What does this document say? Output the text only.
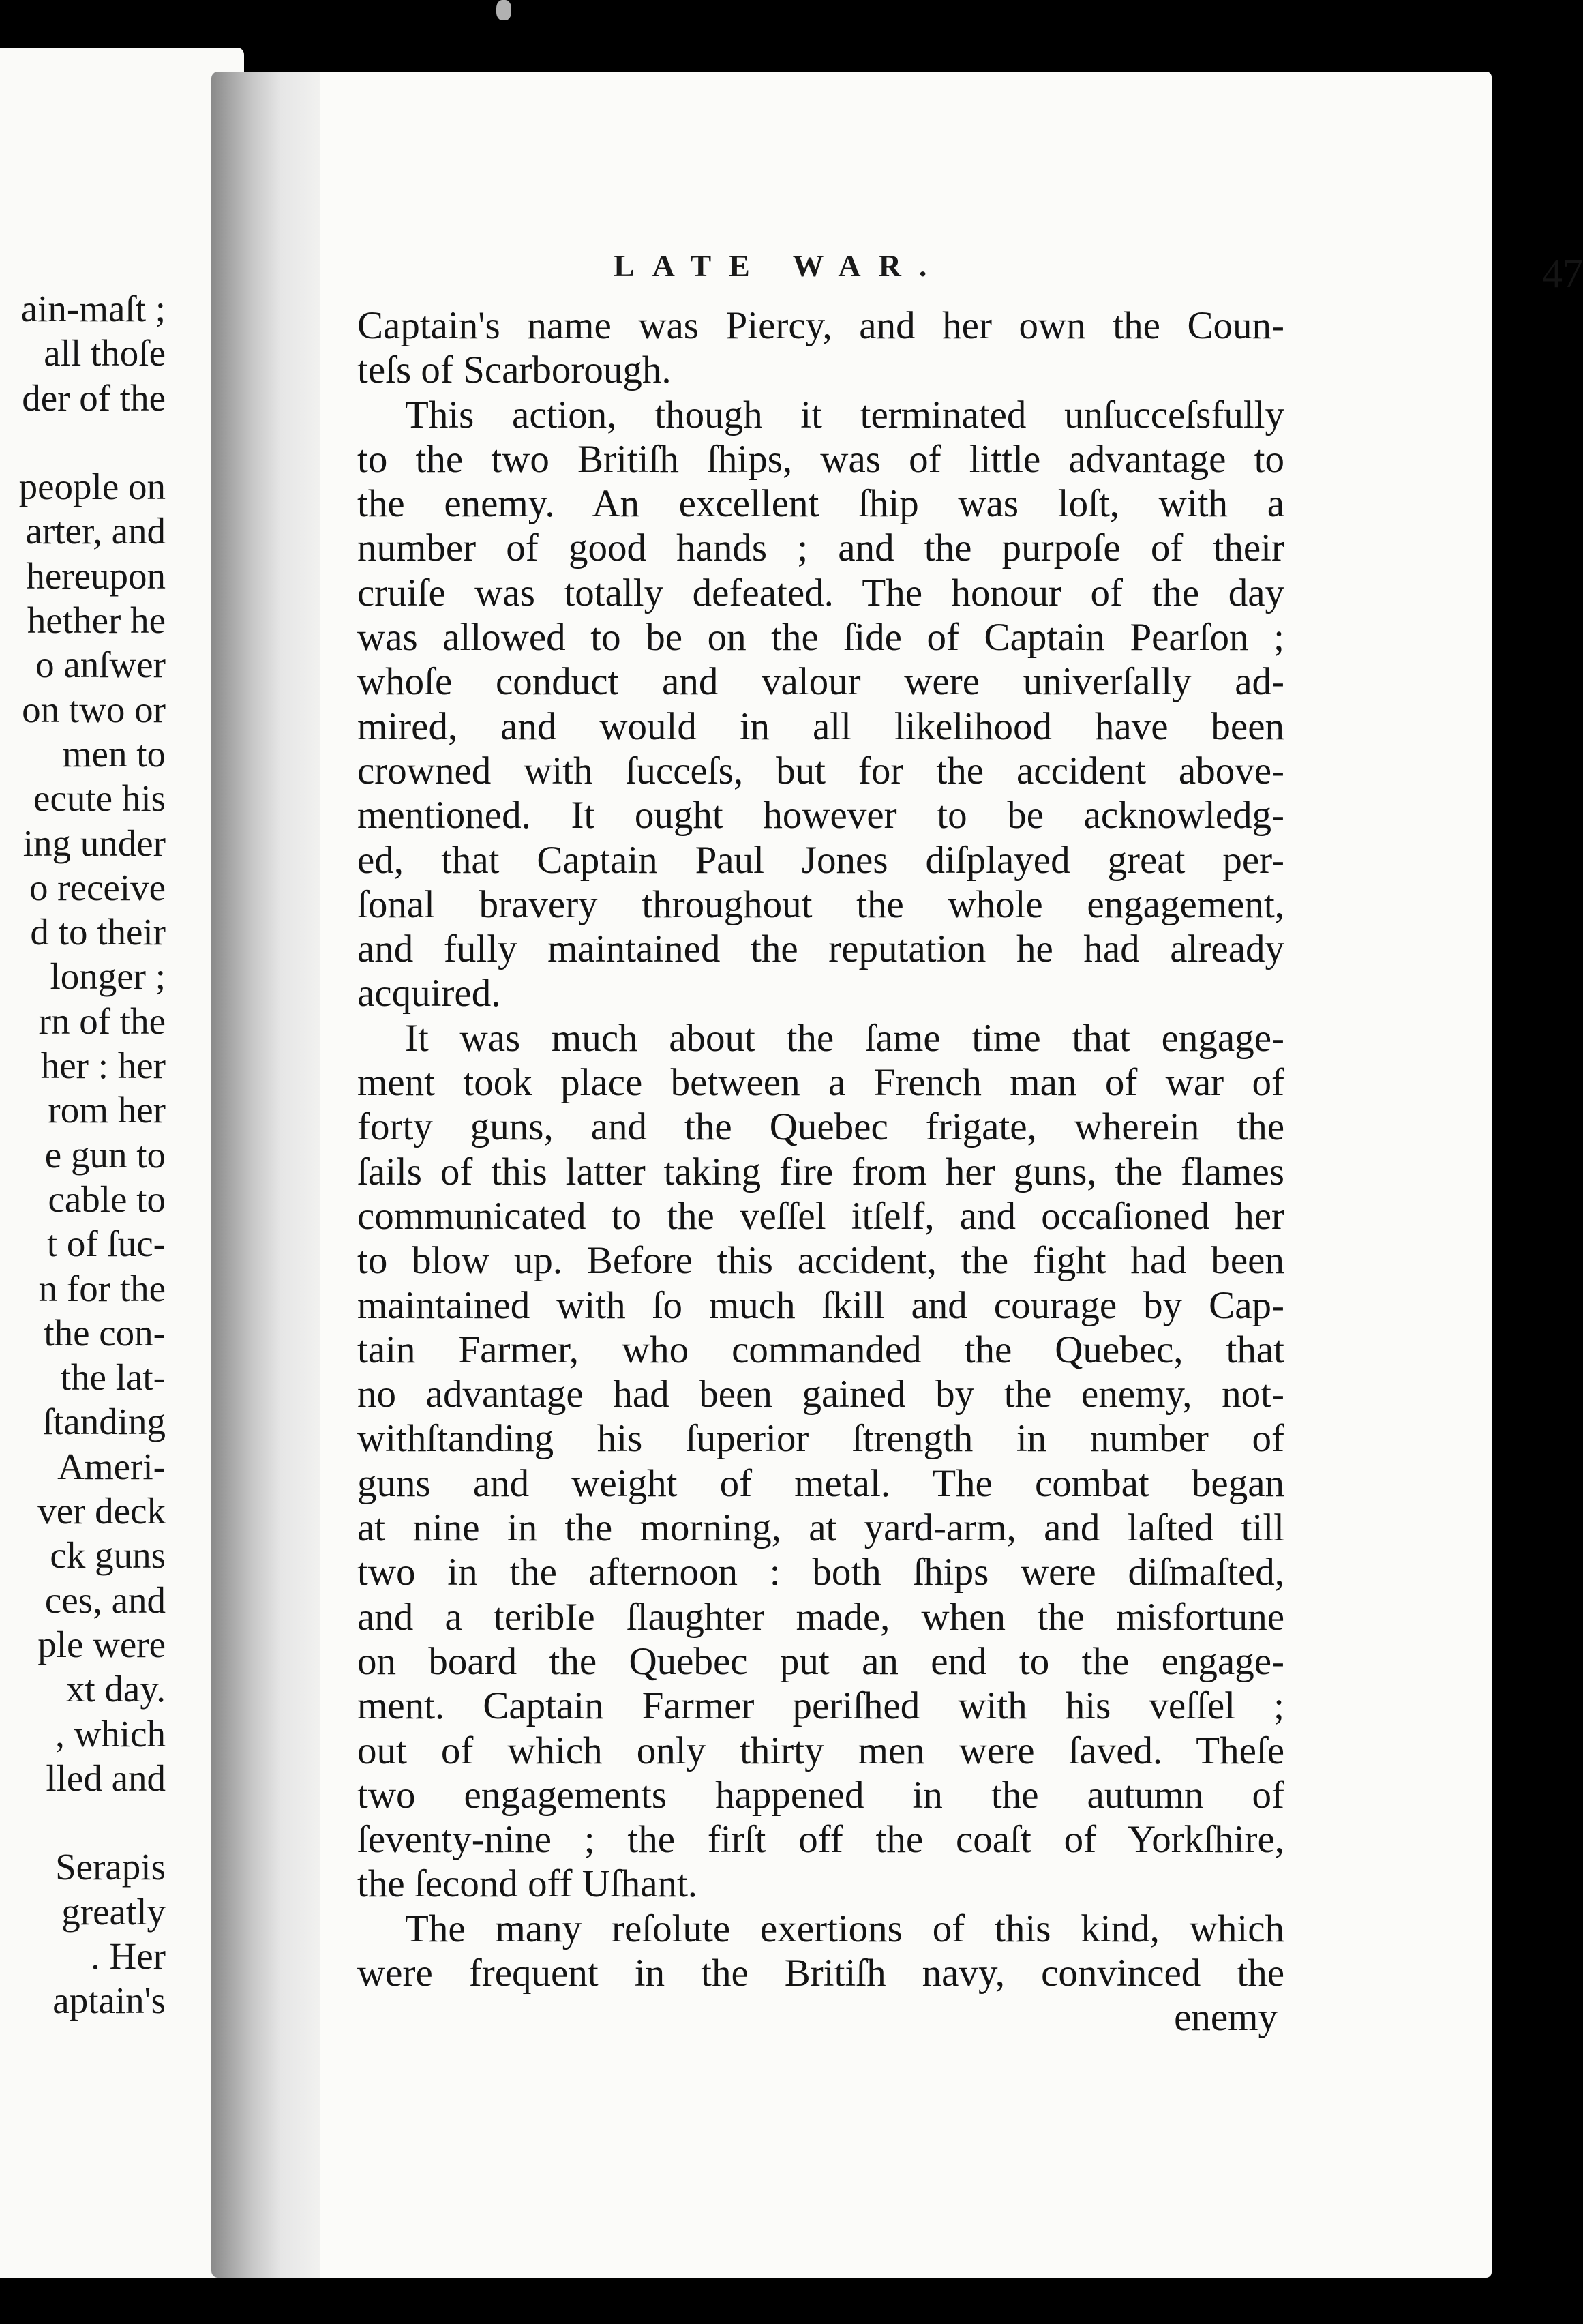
ain-maſt ;
all thoſe
der of the
people on
arter, and
hereupon
hether he
o anſwer
on two or
men to
ecute his
ing under
o receive
d to their
longer ;
rn of the
her : her
rom her
e gun to
cable to
t of ſuc-
n for the
the con-
the lat-
ſtanding
Ameri-
ver deck
ck guns
ces, and
ple were
xt day.
, which
lled and
Serapis
greatly
. Her
aptain's
LATE WAR.	47
Captain's name was Piercy, and her own the Coun-
teſs of Scarborough.
This action, though it terminated unſucceſsfully
to the two Britiſh ſhips, was of little advantage to
the enemy. An excellent ſhip was loſt, with a
number of good hands ; and the purpoſe of their
cruiſe was totally defeated. The honour of the day
was allowed to be on the ſide of Captain Pearſon ;
whoſe conduct and valour were univerſally ad-
mired, and would in all likelihood have been
crowned with ſucceſs, but for the accident above-
mentioned. It ought however to be acknowledg-
ed, that Captain Paul Jones diſplayed great per-
ſonal bravery throughout the whole engagement,
and fully maintained the reputation he had already
acquired.
It was much about the ſame time that engage-
ment took place between a French man of war of
forty guns, and the Quebec frigate, wherein the
ſails of this latter taking fire from her guns, the flames
communicated to the veſſel itſelf, and occaſioned her
to blow up. Before this accident, the fight had been
maintained with ſo much ſkill and courage by Cap-
tain Farmer, who commanded the Quebec, that
no advantage had been gained by the enemy, not-
withſtanding his ſuperior ſtrength in number of
guns and weight of metal. The combat began
at nine in the morning, at yard-arm, and laſted till
two in the afternoon : both ſhips were diſmaſted,
and a teribIe ſlaughter made, when the misfortune
on board the Quebec put an end to the engage-
ment. Captain Farmer periſhed with his veſſel ;
out of which only thirty men were ſaved. Theſe
two engagements happened in the autumn of
ſeventy-nine ; the firſt off the coaſt of Yorkſhire,
the ſecond off Uſhant.
The many reſolute exertions of this kind, which
were frequent in the Britiſh navy, convinced the
enemy
